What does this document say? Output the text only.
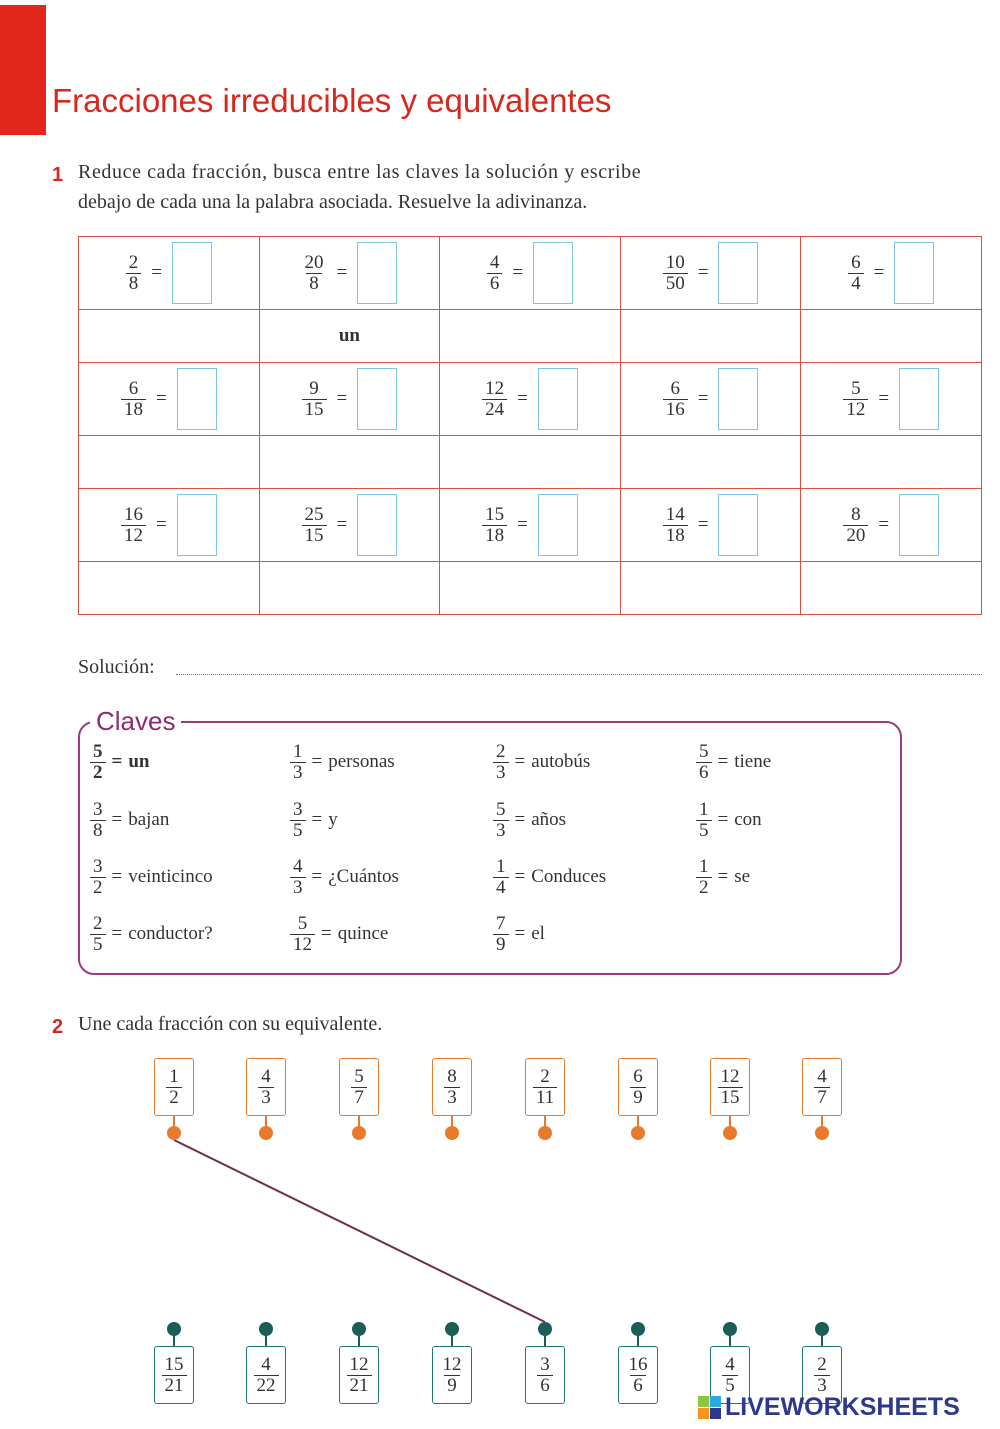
Fracciones irreducibles y equivalentes
1 Reduce cada fracción, busca entre las claves la solución y escribe
debajo de cada una la palabra asociada. Resuelve la adivinanza.
$\frac{2}{8}$ =	$\frac{20}{8}$ =	$\frac{4}{6}$ =	$\frac{10}{50}$ =	$\frac{6}{4}$ =

	un			

$\frac{6}{18}$ =	$\frac{9}{15}$ =	$\frac{12}{24}$ =	$\frac{6}{16}$ =	$\frac{5}{12}$ =

$\frac{16}{12}$ =	$\frac{25}{15}$ =	$\frac{15}{18}$ =	$\frac{14}{18}$ =	$\frac{8}{20}$ =

Solución:
Claves
$\frac{5}{2}$ = un	$\frac{1}{3}$ = personas	$\frac{2}{3}$ = autobús	$\frac{5}{6}$ = tiene
$\frac{3}{8}$ = bajan	$\frac{3}{5} = y$	$\frac{5}{3}$ = años	$\frac{1}{5}$ = con
$\frac{3}{2}$ = veinticinco	$\frac{4}{3}$ = ¿Cuántos	$\frac{1}{4}$ = Conduces	$\frac{1}{2}$ = se
$\frac{2}{5}$ = conductor?	$\frac{5}{12}$ = quince	$\frac{7}{9}$ = el
2 Une cada fracción con su equivalente.
$\frac{1}{2}$	$\frac{4}{3}$	$\frac{5}{7}$	$\frac{8}{3}$	$\frac{2}{11}$	$\frac{6}{9}$	$\frac{12}{15}$	$\frac{4}{7}$
$\frac{15}{21}$	$\frac{4}{22}$	$\frac{12}{21}$	$\frac{12}{9}$	$\frac{3}{6}$	$\frac{16}{6}$	$\frac{4}{5}$	$\frac{2}{3}$
LIVEWORKSHEETS
